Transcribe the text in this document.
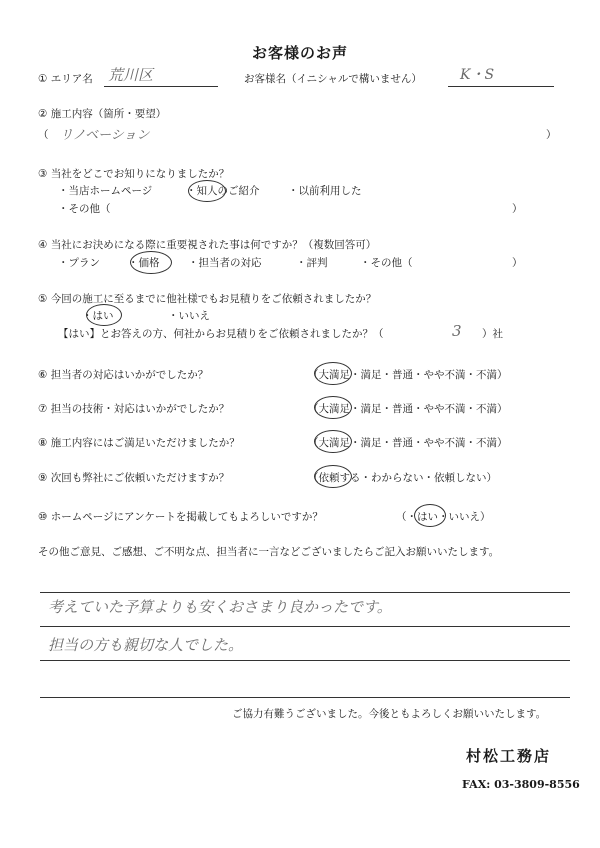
お客様のお声
① エリア名 荒川区	お客様名（イニシャルで構いません）	K・S
② 施工内容（箇所・要望）
（ リノベーション	）
③ 当社をどこでお知りになりましたか？
・当店ホームページ	・知人のご紹介	・以前利用した
・その他（	）
④ 当社にお決めになる際に重要視された事は何ですか？（複数回答可）
・プラン	・価格	・担当者の対応	・評判	・その他（	）
⑤ 今回の施工に至るまでに他社様でもお見積りをご依頼されましたか？
・はい	・いいえ
【はい】とお答えの方、何社からお見積りをご依頼されましたか？（	3 ）社
⑥ 担当者の対応はいかがでしたか？	（大満足・満足・普通・やや不満・不満）
⑦ 担当の技術・対応はいかがでしたか？	（大満足・満足・普通・やや不満・不満）
⑧ 施工内容にはご満足いただけましたか？	（大満足・満足・普通・やや不満・不満）
⑨ 次回も弊社にご依頼いただけますか？	（依頼する・わからない・依頼しない）
⑩ ホームページにアンケートを掲載してもよろしいですか？	（・はい・いいえ）
その他ご意見、ご感想、ご不明な点、担当者に一言などございましたらご記入お願いいたします。
考えていた予算よりも安くおさまり良かったです。
担当の方も親切な人でした。
ご協力有難うございました。今後ともよろしくお願いいたします。
村松工務店
FAX: 03-3809-8556
